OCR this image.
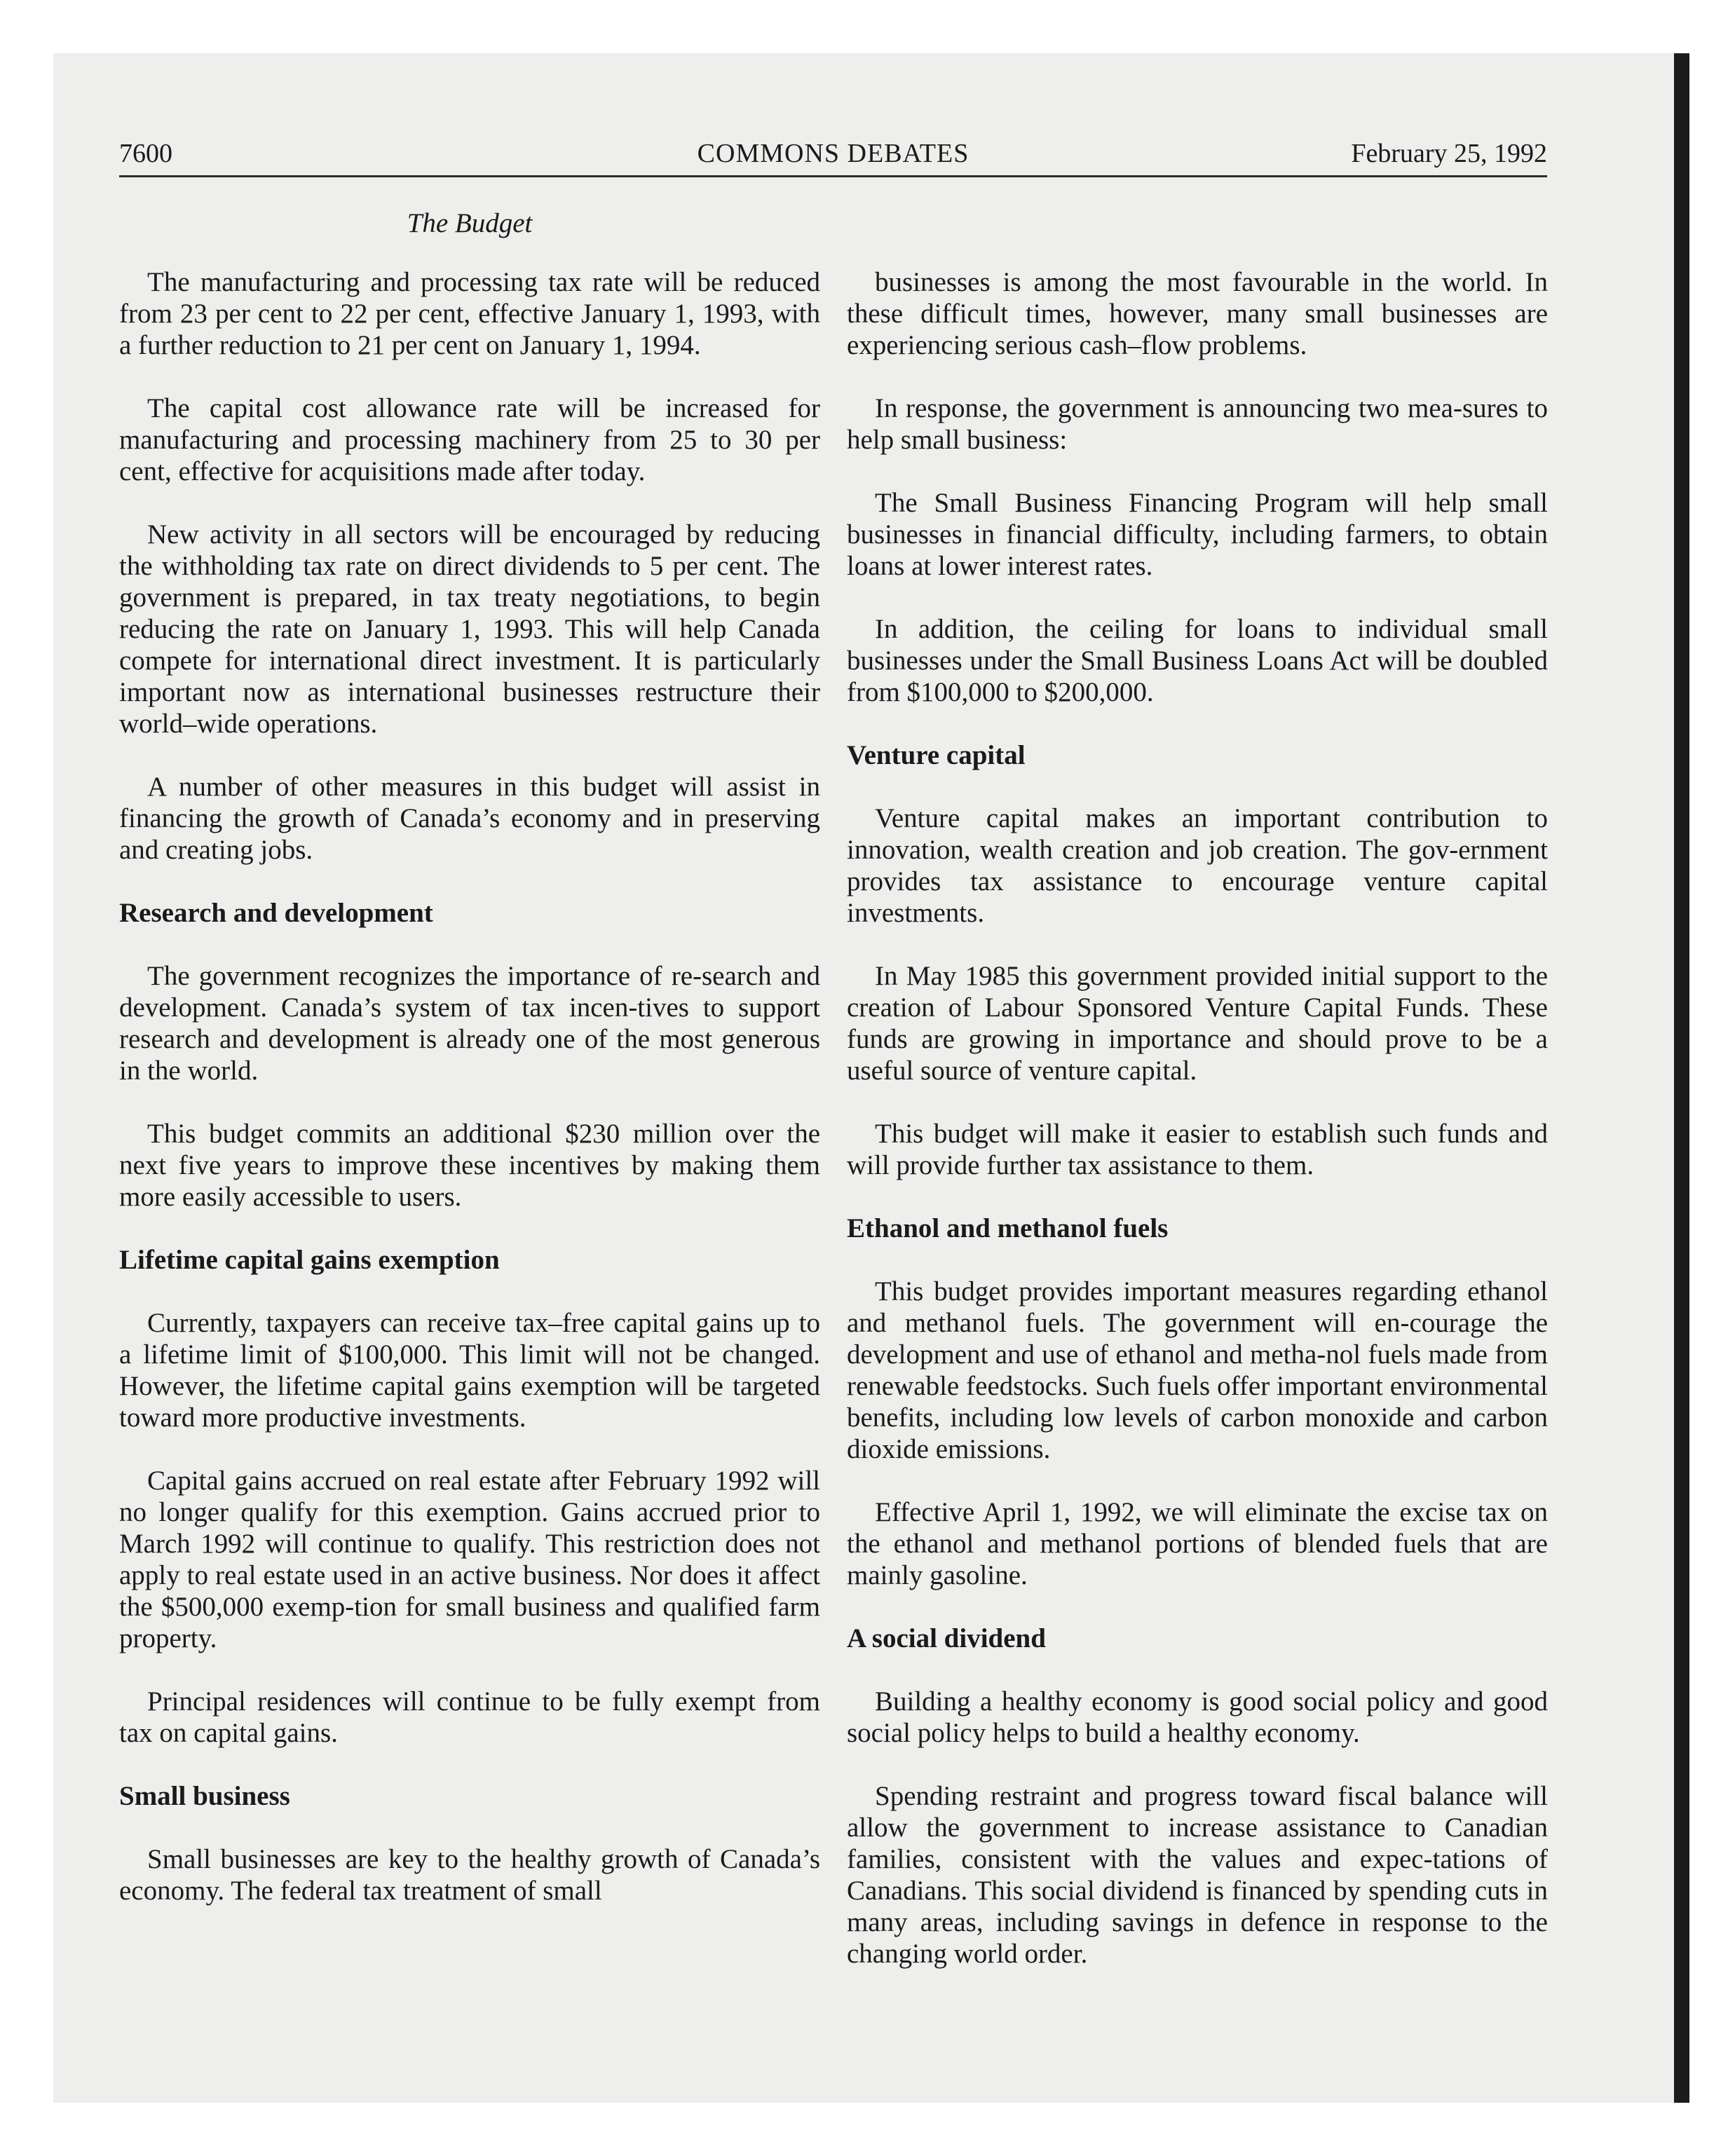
7600	COMMONS DEBATES	February 25, 1992
The Budget

The manufacturing and processing tax rate will be reduced from 23 per cent to 22 per cent, effective January 1, 1993, with a further reduction to 21 per cent on January 1, 1994.

The capital cost allowance rate will be increased for manufacturing and processing machinery from 25 to 30 per cent, effective for acquisitions made after today.

New activity in all sectors will be encouraged by reducing the withholding tax rate on direct dividends to 5 per cent. The government is prepared, in tax treaty negotiations, to begin reducing the rate on January 1, 1993. This will help Canada compete for international direct investment. It is particularly important now as international businesses restructure their world–wide operations.

A number of other measures in this budget will assist in financing the growth of Canada’s economy and in preserving and creating jobs.

Research and development

The government recognizes the importance of re-search and development. Canada’s system of tax incen-tives to support research and development is already one of the most generous in the world.

This budget commits an additional $230 million over the next five years to improve these incentives by making them more easily accessible to users.

Lifetime capital gains exemption

Currently, taxpayers can receive tax–free capital gains up to a lifetime limit of $100,000. This limit will not be changed. However, the lifetime capital gains exemption will be targeted toward more productive investments.

Capital gains accrued on real estate after February 1992 will no longer qualify for this exemption. Gains accrued prior to March 1992 will continue to qualify. This restriction does not apply to real estate used in an active business. Nor does it affect the $500,000 exemp-tion for small business and qualified farm property.

Principal residences will continue to be fully exempt from tax on capital gains.

Small business

Small businesses are key to the healthy growth of Canada’s economy. The federal tax treatment of small

businesses is among the most favourable in the world. In these difficult times, however, many small businesses are experiencing serious cash–flow problems.

In response, the government is announcing two mea-sures to help small business:

The Small Business Financing Program will help small businesses in financial difficulty, including farmers, to obtain loans at lower interest rates.

In addition, the ceiling for loans to individual small businesses under the Small Business Loans Act will be doubled from $100,000 to $200,000.

Venture capital

Venture capital makes an important contribution to innovation, wealth creation and job creation. The gov-ernment provides tax assistance to encourage venture capital investments.

In May 1985 this government provided initial support to the creation of Labour Sponsored Venture Capital Funds. These funds are growing in importance and should prove to be a useful source of venture capital.

This budget will make it easier to establish such funds and will provide further tax assistance to them.

Ethanol and methanol fuels

This budget provides important measures regarding ethanol and methanol fuels. The government will en-courage the development and use of ethanol and metha-nol fuels made from renewable feedstocks. Such fuels offer important environmental benefits, including low levels of carbon monoxide and carbon dioxide emissions.

Effective April 1, 1992, we will eliminate the excise tax on the ethanol and methanol portions of blended fuels that are mainly gasoline.

A social dividend

Building a healthy economy is good social policy and good social policy helps to build a healthy economy.

Spending restraint and progress toward fiscal balance will allow the government to increase assistance to Canadian families, consistent with the values and expec-tations of Canadians. This social dividend is financed by spending cuts in many areas, including savings in defence in response to the changing world order.
